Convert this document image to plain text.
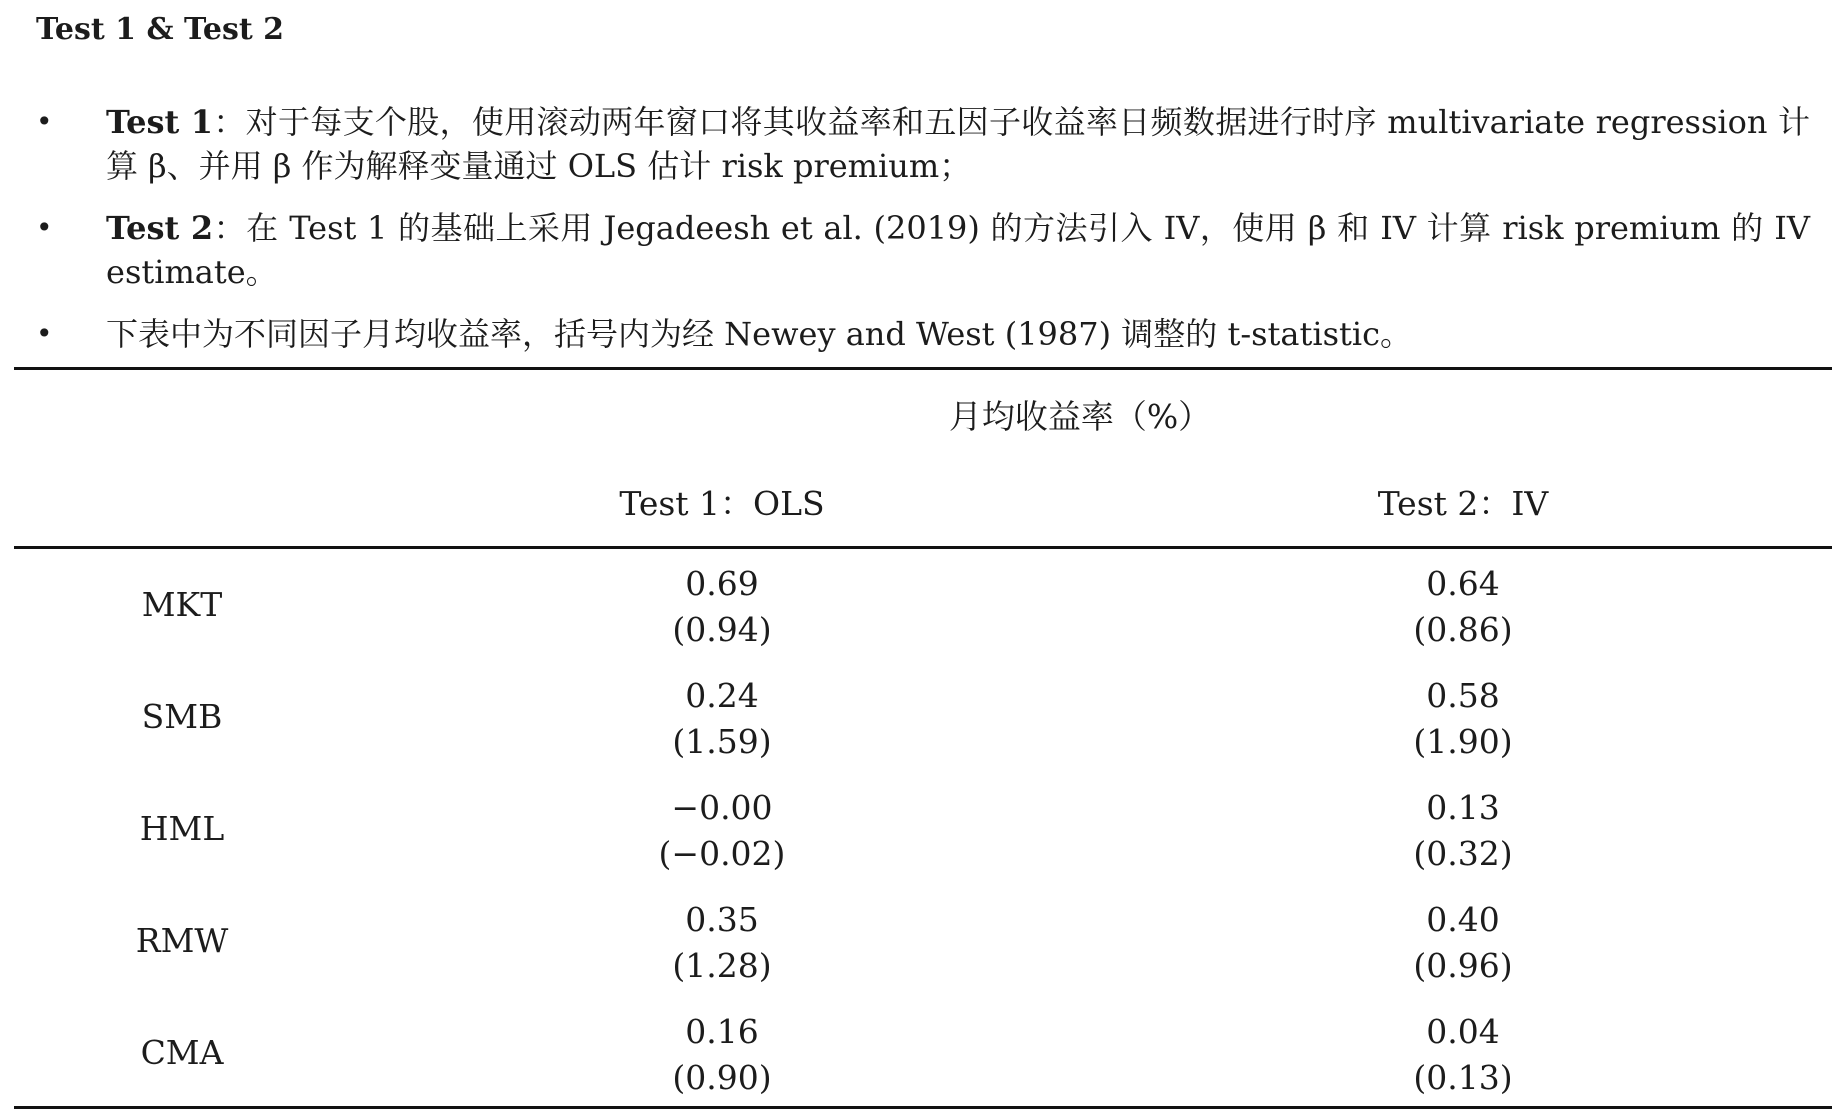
Test 1 & Test 2
• Test 1：对于每支个股，使用滚动两年窗口将其收益率和五因子收益率日频数据进行时序 multivariate regression 计算 β、并用 β 作为解释变量通过 OLS 估计 risk premium；
• Test 2：在 Test 1 的基础上采用 Jegadeesh et al. (2019) 的方法引入 IV，使用 β 和 IV 计算 risk premium 的 IV estimate。
• 下表中为不同因子月均收益率，括号内为经 Newey and West (1987) 调整的 t-statistic。
月均收益率（%）
Test 1：OLS	Test 2：IV
MKT
0.69
(0.94)
0.64
(0.86)
SMB
0.24
(1.59)
0.58
(1.90)
HML
−0.00
(−0.02)
0.13
(0.32)
RMW
0.35
(1.28)
0.40
(0.96)
CMA
0.16
(0.90)
0.04
(0.13)
